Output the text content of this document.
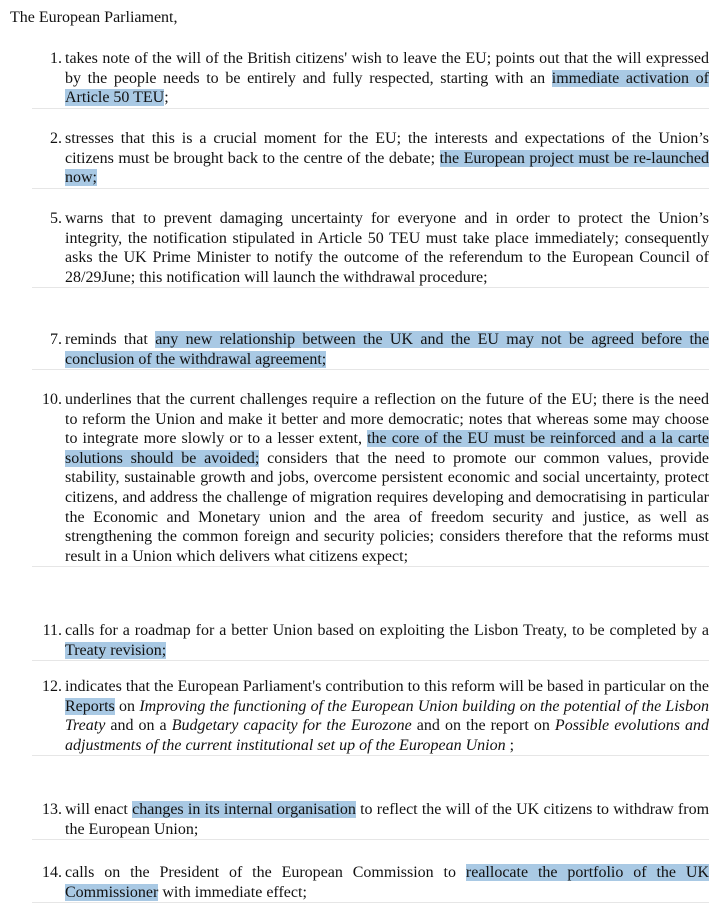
The European Parliament,
1. takes note of the will of the British citizens' wish to leave the EU; points out that the will expressed by the people needs to be entirely and fully respected, starting with an immediate activation of Article 50 TEU;
2. stresses that this is a crucial moment for the EU; the interests and expectations of the Union’s citizens must be brought back to the centre of the debate; the European project must be re-launched now;
5. warns that to prevent damaging uncertainty for everyone and in order to protect the Union’s integrity, the notification stipulated in Article 50 TEU must take place immediately; consequently asks the UK Prime Minister to notify the outcome of the referendum to the European Council of 28/29June; this notification will launch the withdrawal procedure;
7. reminds that any new relationship between the UK and the EU may not be agreed before the conclusion of the withdrawal agreement;
10. underlines that the current challenges require a reflection on the future of the EU; there is the need to reform the Union and make it better and more democratic; notes that whereas some may choose to integrate more slowly or to a lesser extent, the core of the EU must be reinforced and a la carte solutions should be avoided; considers that the need to promote our common values, provide stability, sustainable growth and jobs, overcome persistent economic and social uncertainty, protect citizens, and address the challenge of migration requires developing and democratising in particular the Economic and Monetary union and the area of freedom security and justice, as well as strengthening the common foreign and security policies; considers therefore that the reforms must result in a Union which delivers what citizens expect;
11. calls for a roadmap for a better Union based on exploiting the Lisbon Treaty, to be completed by a Treaty revision;
12. indicates that the European Parliament's contribution to this reform will be based in particular on the Reports on Improving the functioning of the European Union building on the potential of the Lisbon Treaty and on a Budgetary capacity for the Eurozone and on the report on Possible evolutions and adjustments of the current institutional set up of the European Union ;
13. will enact changes in its internal organisation to reflect the will of the UK citizens to withdraw from the European Union;
14. calls on the President of the European Commission to reallocate the portfolio of the UK Commissioner with immediate effect;
